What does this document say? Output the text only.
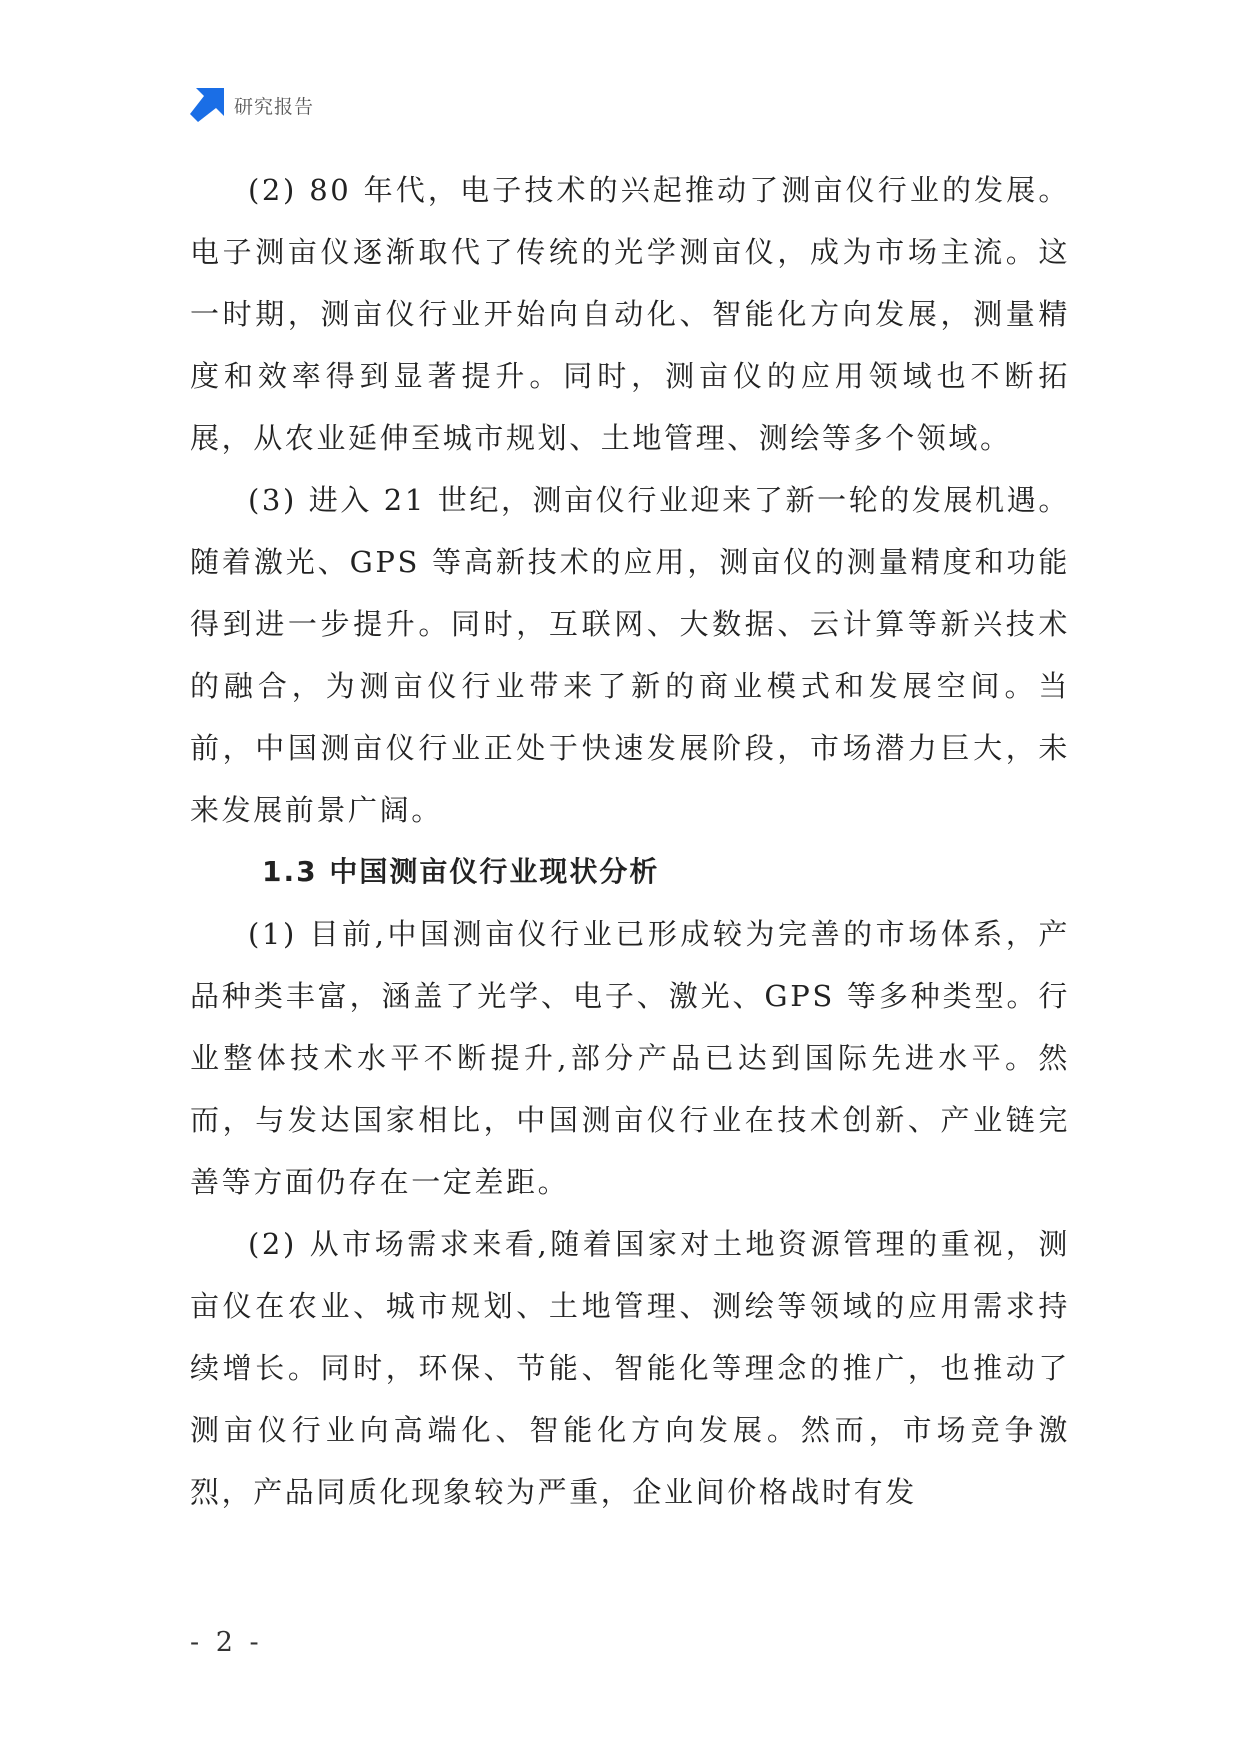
研究报告

(2) 80 年代，电子技术的兴起推动了测亩仪行业的发展。电子测亩仪逐渐取代了传统的光学测亩仪，成为市场主流。这一时期，测亩仪行业开始向自动化、智能化方向发展，测量精度和效率得到显著提升。同时，测亩仪的应用领域也不断拓展，从农业延伸至城市规划、土地管理、测绘等多个领域。

(3) 进入 21 世纪，测亩仪行业迎来了新一轮的发展机遇。随着激光、GPS 等高新技术的应用，测亩仪的测量精度和功能得到进一步提升。同时，互联网、大数据、云计算等新兴技术的融合，为测亩仪行业带来了新的商业模式和发展空间。当前，中国测亩仪行业正处于快速发展阶段，市场潜力巨大，未来发展前景广阔。

1.3 中国测亩仪行业现状分析

(1) 目前,中国测亩仪行业已形成较为完善的市场体系，产品种类丰富，涵盖了光学、电子、激光、GPS 等多种类型。行业整体技术水平不断提升,部分产品已达到国际先进水平。然而，与发达国家相比，中国测亩仪行业在技术创新、产业链完善等方面仍存在一定差距。

(2) 从市场需求来看,随着国家对土地资源管理的重视，测亩仪在农业、城市规划、土地管理、测绘等领域的应用需求持续增长。同时，环保、节能、智能化等理念的推广，也推动了测亩仪行业向高端化、智能化方向发展。然而，市场竞争激烈，产品同质化现象较为严重，企业间价格战时有发

- 2 -
